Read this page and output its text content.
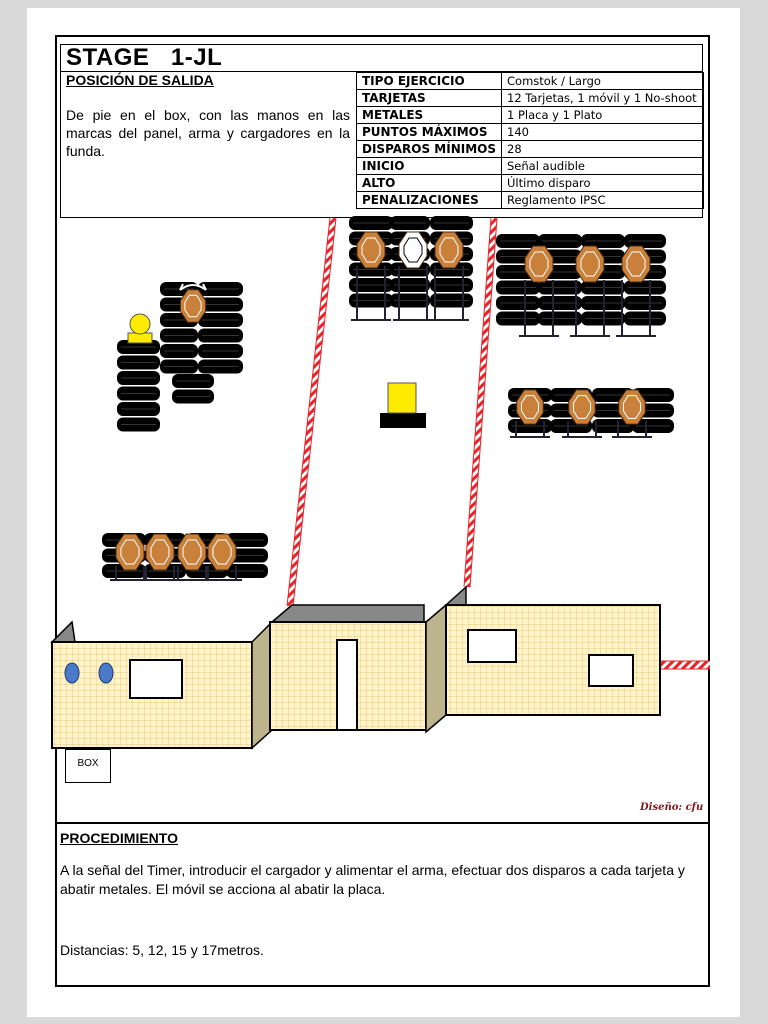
STAGE   1-JL
POSICIÓN DE SALIDA
De pie en el box, con las manos en las marcas del panel, arma y cargadores en la funda.
TIPO EJERCICIO	Comstok / Largo
TARJETAS	12 Tarjetas, 1 móvil y 1 No-shoot
METALES	1 Placa y 1 Plato
PUNTOS MÁXIMOS	140
DISPAROS MÍNIMOS	28
INICIO	Señal audible
ALTO	Último disparo
PENALIZACIONES	Reglamento IPSC
BOX
Diseño: cfu
PROCEDIMIENTO
A la señal del Timer, introducir el cargador y alimentar el arma, efectuar dos disparos a cada tarjeta y abatir metales. El móvil se acciona al abatir la placa.
Distancias: 5, 12, 15 y 17metros.
